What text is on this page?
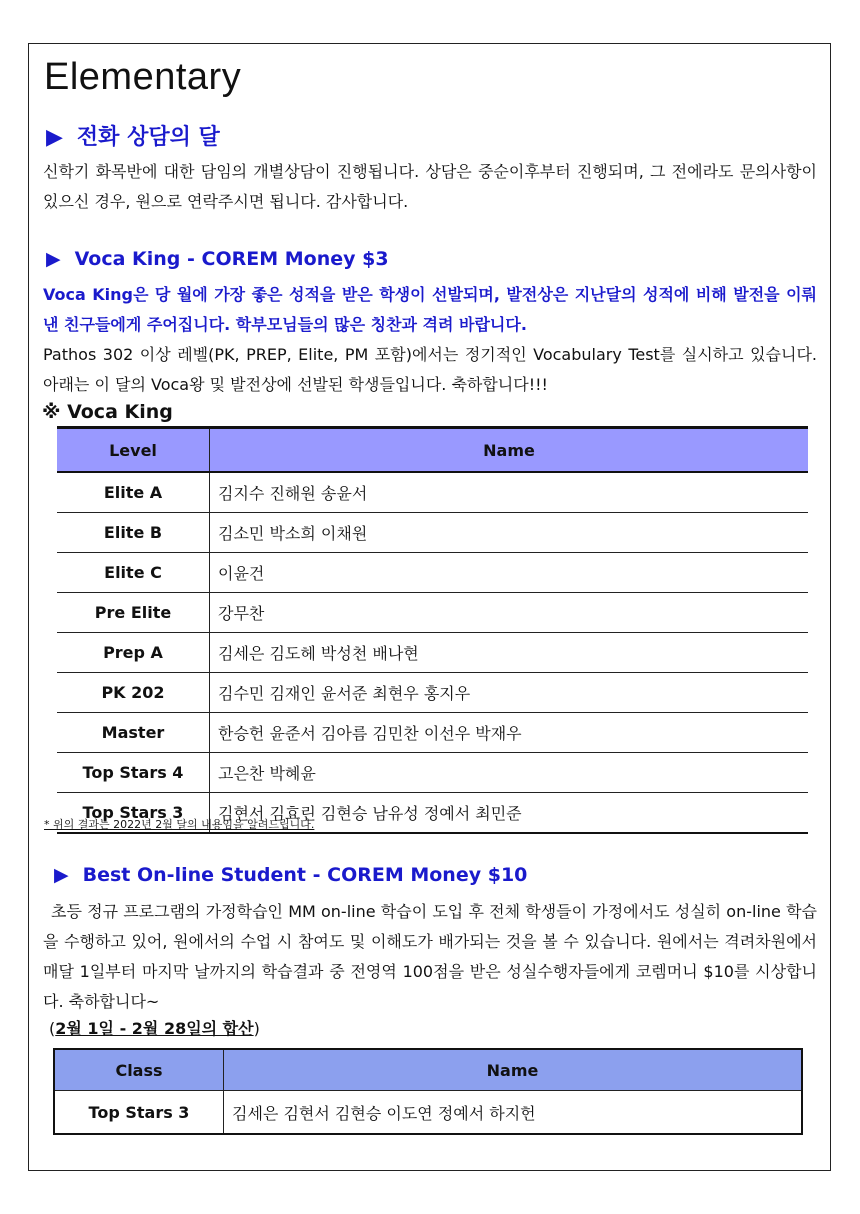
Elementary
▶ 전화 상담의 달

신학기 화목반에 대한 담임의 개별상담이 진행됩니다. 상담은 중순이후부터 진행되며, 그 전에라도 문의사항이 있으신 경우, 원으로 연락주시면 됩니다. 감사합니다.

▶ Voca King - COREM Money $3

Voca King은 당 월에 가장 좋은 성적을 받은 학생이 선발되며, 발전상은 지난달의 성적에 비해 발전을 이뤄낸 친구들에게 주어집니다. 학부모님들의 많은 칭찬과 격려 바랍니다.

Pathos 302 이상 레벨(PK, PREP, Elite, PM 포함)에서는 정기적인 Vocabulary Test를 실시하고 있습니다. 아래는 이 달의 Voca왕 및 발전상에 선발된 학생들입니다. 축하합니다!!!

※ Voca King
Level	Name
Elite A	김지수 진해원 송윤서
Elite B	김소민 박소희 이채원
Elite C	이윤건
Pre Elite	강무찬
Prep A	김세은 김도헤 박성천 배나현
PK 202	김수민 김재인 윤서준 최현우 홍지우
Master	한승헌 윤준서 김아름 김민찬 이선우 박재우
Top Stars 4	고은찬 박혜윤
Top Stars 3	김현서 김효린 김현승 남유성 정예서 최민준
* 위의 결과는 2022년 2월 달의 내용임을 알려드립니다.
▶ Best On-line Student - COREM Money $10

초등 정규 프로그램의 가정학습인 MM on-line 학습이 도입 후 전체 학생들이 가정에서도 성실히 on-line 학습을 수행하고 있어, 원에서의 수업 시 참여도 및 이해도가 배가되는 것을 볼 수 있습니다. 원에서는 격려차원에서 매달 1일부터 마지막 날까지의 학습결과 중 전영역 100점을 받은 성실수행자들에게 코렘머니 $10를 시상합니다. 축하합니다~

(2월 1일 - 2월 28일의 합산)
Class	Name
Top Stars 3	김세은 김현서 김현승 이도연 정예서 하지헌
